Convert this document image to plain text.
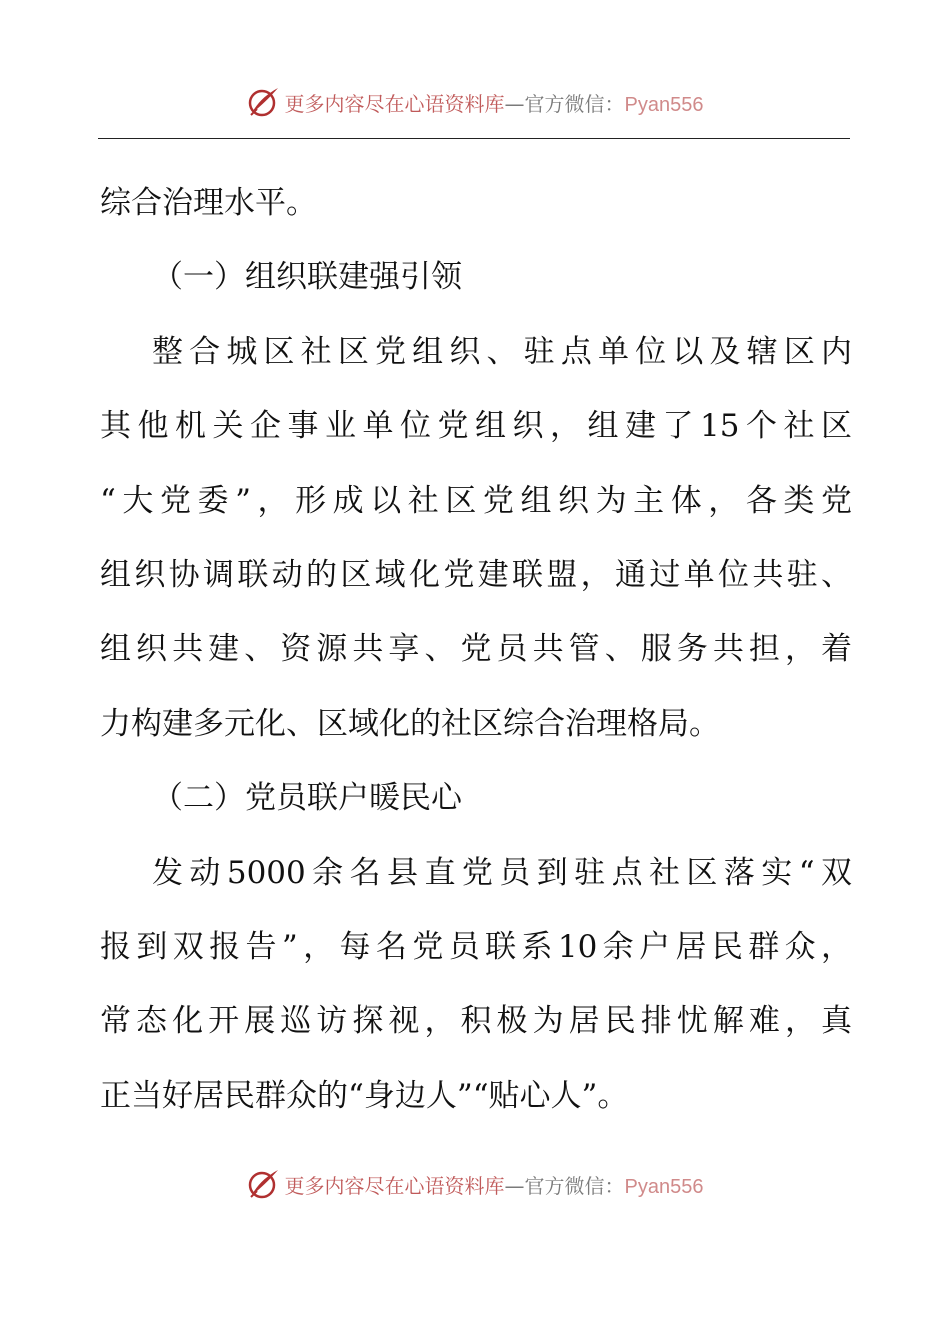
更多内容尽在心语资料库—官方微信：Pyan556
综合治理水平。
（一）组织联建强引领
整合城区社区党组织、驻点单位以及辖区内
其他机关企事业单位党组织，组建了15个社区
“大党委”，形成以社区党组织为主体，各类党
组织协调联动的区域化党建联盟，通过单位共驻、
组织共建、资源共享、党员共管、服务共担，着
力构建多元化、区域化的社区综合治理格局。
（二）党员联户暖民心
发动5000余名县直党员到驻点社区落实“双
报到双报告”，每名党员联系10余户居民群众，
常态化开展巡访探视，积极为居民排忧解难，真
正当好居民群众的“身边人”“贴心人”。
更多内容尽在心语资料库—官方微信：Pyan556
